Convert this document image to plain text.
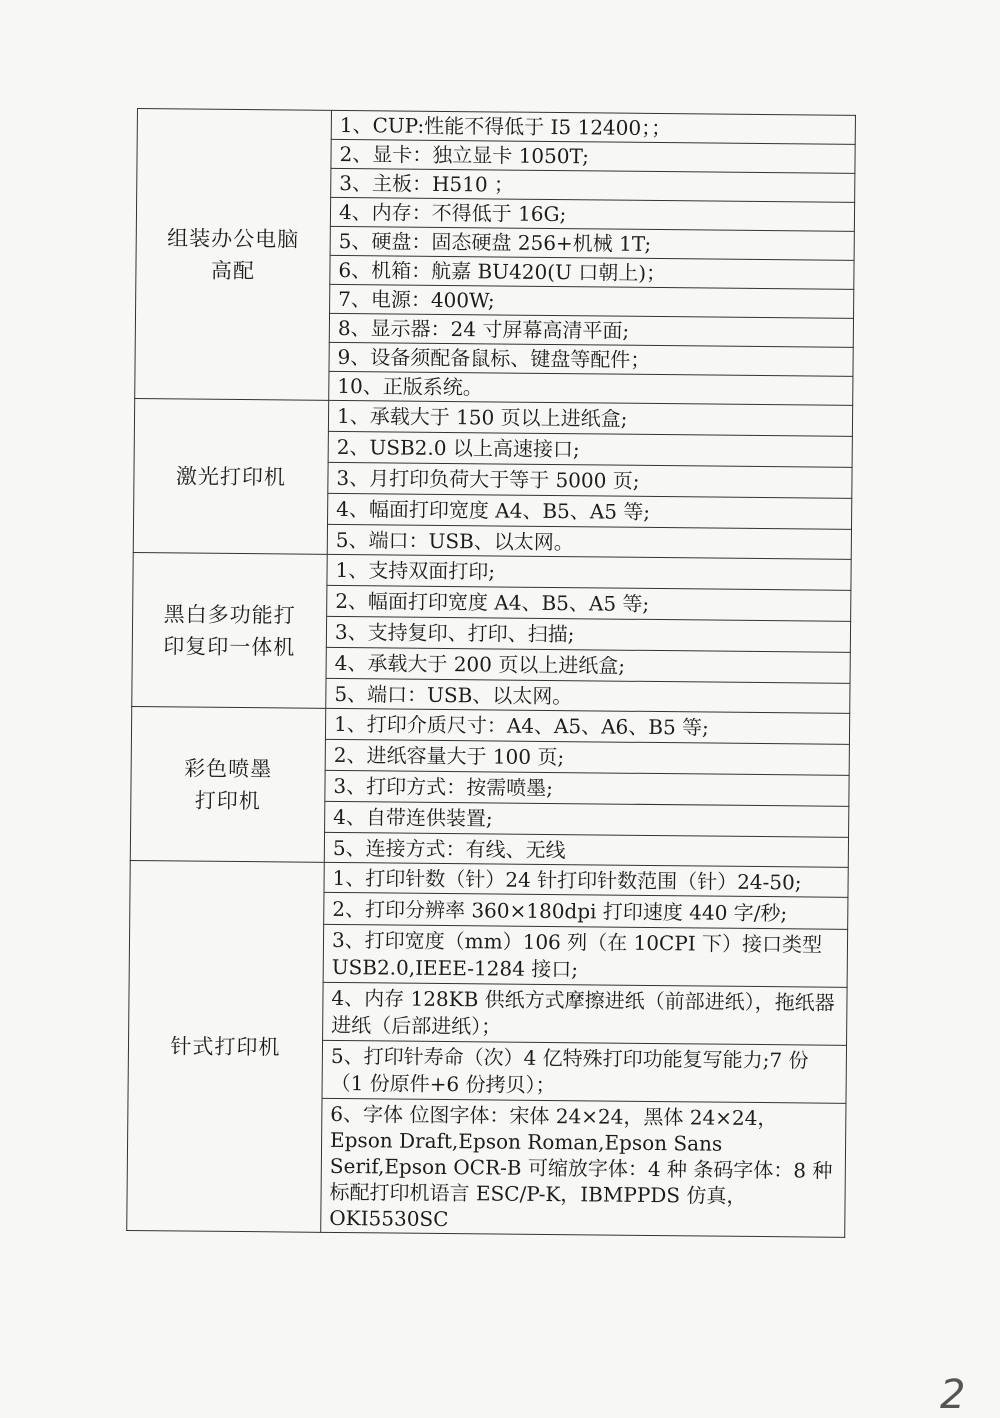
组装办公电脑
高配	1、CUP:性能不得低于 I5 12400；；
	2、显卡：独立显卡 1050T;
	3、主板：H510 ；
	4、内存：不得低于 16G;
	5、硬盘：固态硬盘 256+机械 1T;
	6、机箱：航嘉 BU420(U 口朝上)；
	7、电源：400W;
	8、显示器：24 寸屏幕高清平面;
	9、设备须配备鼠标、键盘等配件；
	10、正版系统。
激光打印机	1、承载大于 150 页以上进纸盒;
	2、USB2.0 以上高速接口;
	3、月打印负荷大于等于 5000 页;
	4、幅面打印宽度 A4、B5、A5 等;
	5、端口：USB、以太网。
黑白多功能打
印复印一体机	1、支持双面打印;
	2、幅面打印宽度 A4、B5、A5 等;
	3、支持复印、打印、扫描;
	4、承载大于 200 页以上进纸盒;
	5、端口：USB、以太网。
彩色喷墨
打印机	1、打印介质尺寸：A4、A5、A6、B5 等;
	2、进纸容量大于 100 页;
	3、打印方式：按需喷墨;
	4、自带连供装置;
	5、连接方式：有线、无线
针式打印机	1、打印针数（针）24 针打印针数范围（针）24-50;
	2、打印分辨率 360×180dpi 打印速度 440 字/秒;
	3、打印宽度（mm）106 列（在 10CPI 下）接口类型 USB2.0,IEEE-1284 接口;
	4、内存 128KB 供纸方式摩擦进纸（前部进纸），拖纸器进纸（后部进纸）；
	5、打印针寿命（次）4 亿特殊打印功能复写能力;7 份（1 份原件+6 份拷贝）；
	6、字体 位图字体：宋体 24×24，黑体 24×24，Epson Draft,Epson Roman,Epson Sans Serif,Epson OCR-B 可缩放字体：4 种 条码字体：8 种标配打印机语言 ESC/P-K，IBMPPDS 仿真，OKI5530SC
2
